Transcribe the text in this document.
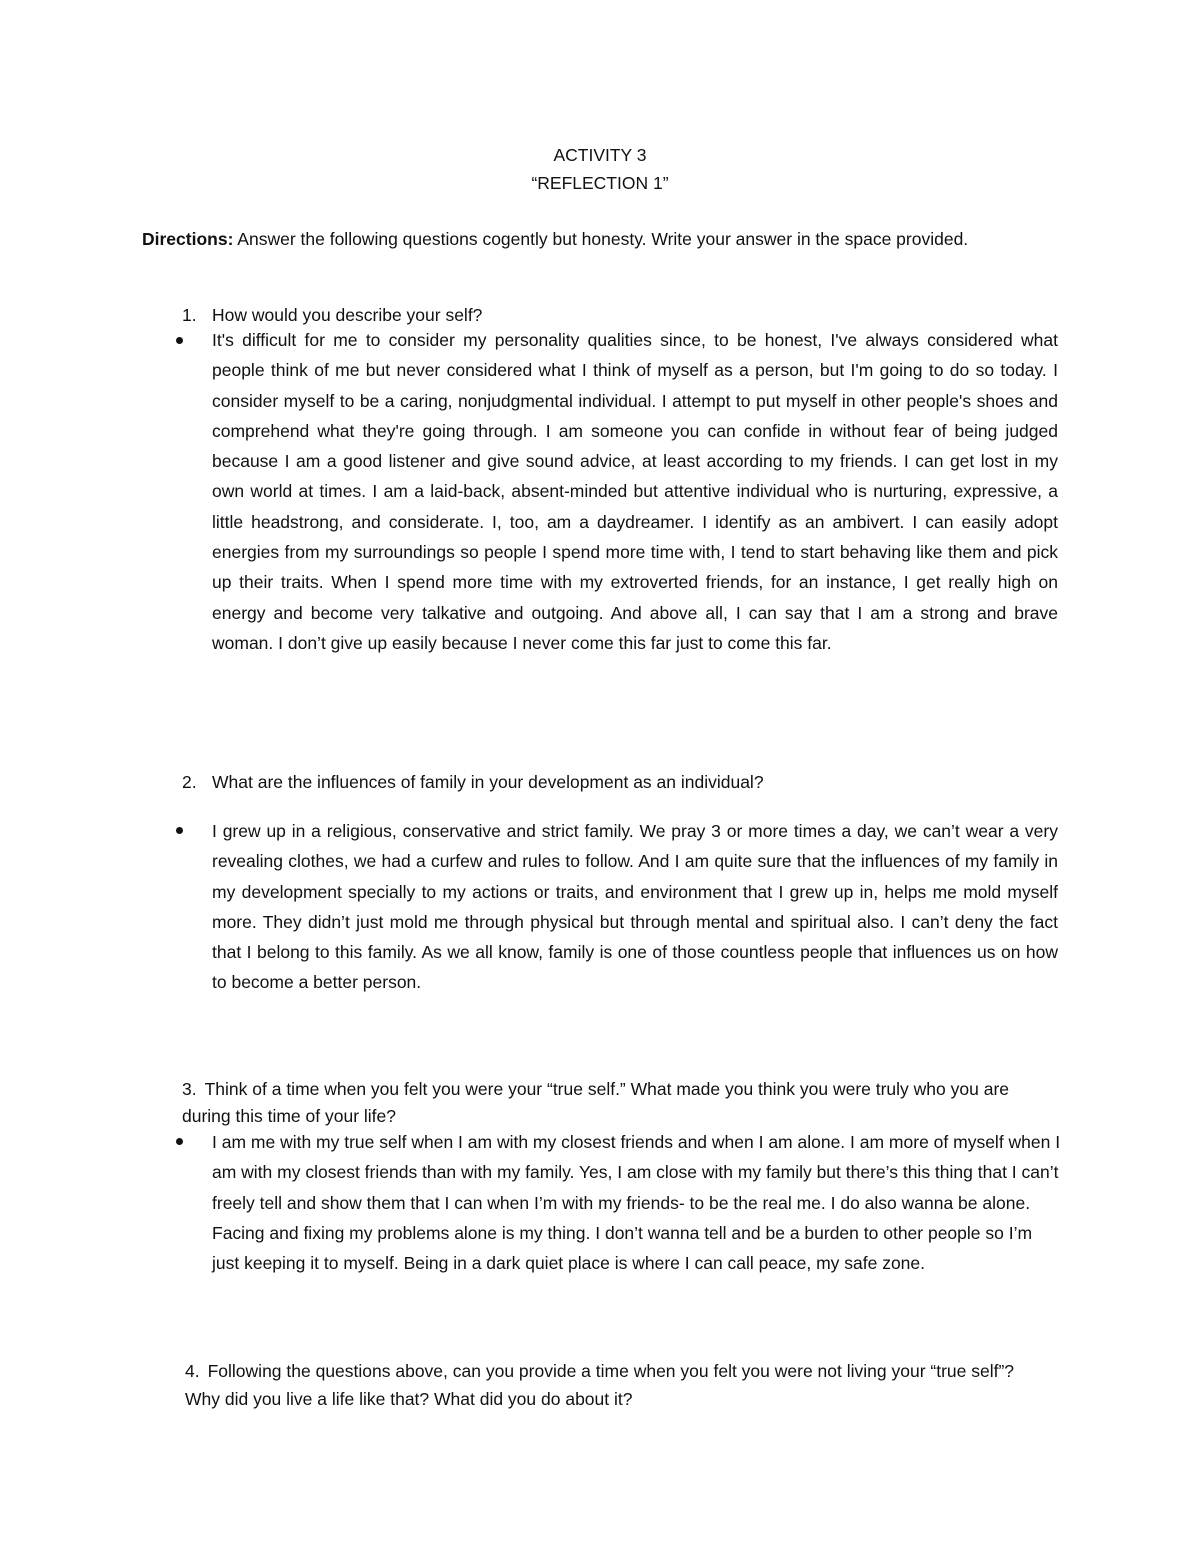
ACTIVITY 3
“REFLECTION 1”
Directions: Answer the following questions cogently but honesty. Write your answer in the space provided.
1. How would you describe your self?
It's difficult for me to consider my personality qualities since, to be honest, I've always considered what people think of me but never considered what I think of myself as a person, but I'm going to do so today. I consider myself to be a caring, nonjudgmental individual. I attempt to put myself in other people's shoes and comprehend what they're going through. I am someone you can confide in without fear of being judged because I am a good listener and give sound advice, at least according to my friends. I can get lost in my own world at times. I am a laid-back, absent-minded but attentive individual who is nurturing, expressive, a little headstrong, and considerate. I, too, am a daydreamer. I identify as an ambivert. I can easily adopt energies from my surroundings so people I spend more time with, I tend to start behaving like them and pick up their traits. When I spend more time with my extroverted friends, for an instance, I get really high on energy and become very talkative and outgoing. And above all, I can say that I am a strong and brave woman. I don’t give up easily because I never come this far just to come this far.
2. What are the influences of family in your development as an individual?
I grew up in a religious, conservative and strict family. We pray 3 or more times a day, we can’t wear a very revealing clothes, we had a curfew and rules to follow. And I am quite sure that the influences of my family in my development specially to my actions or traits, and environment that I grew up in, helps me mold myself more. They didn’t just mold me through physical but through mental and spiritual also. I can’t deny the fact that I belong to this family. As we all know, family is one of those countless people that influences us on how to become a better person.
3. Think of a time when you felt you were your “true self.” What made you think you were truly who you are during this time of your life?
I am me with my true self when I am with my closest friends and when I am alone. I am more of myself when I am with my closest friends than with my family. Yes, I am close with my family but there’s this thing that I can’t freely tell and show them that I can when I’m with my friends- to be the real me. I do also wanna be alone. Facing and fixing my problems alone is my thing. I don’t wanna tell and be a burden to other people so I’m just keeping it to myself. Being in a dark quiet place is where I can call peace, my safe zone.
4. Following the questions above, can you provide a time when you felt you were not living your “true self”? Why did you live a life like that? What did you do about it?
